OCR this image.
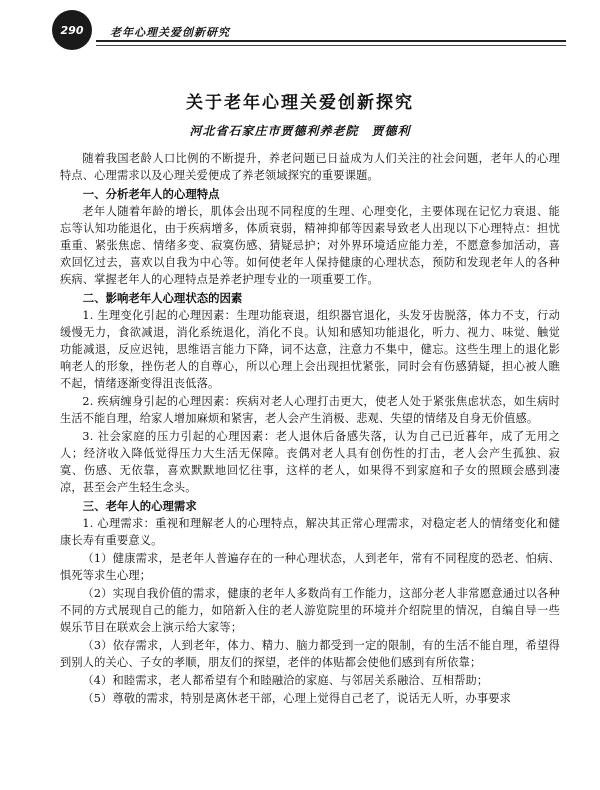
290	老年心理关爱创新研究
关于老年心理关爱创新探究
河北省石家庄市贾德利养老院　贾德利

随着我国老龄人口比例的不断提升，养老问题已日益成为人们关注的社会问题，老年人的心理特点、心理需求以及心理关爱便成了养老领域探究的重要课题。

一、分析老年人的心理特点

老年人随着年龄的增长，肌体会出现不同程度的生理、心理变化，主要体现在记忆力衰退、能忘等认知功能退化，由于疾病增多，体质衰弱，精神抑郁等因素导致老人出现以下心理特点：担忧重重、紧张焦虑、情绪多变、寂寞伤感、猜疑忌护；对外界环境适应能力差，不愿意参加活动，喜欢回忆过去，喜欢以自我为中心等。如何使老年人保持健康的心理状态，预防和发现老年人的各种疾病、掌握老年人的心理特点是养老护理专业的一项重要工作。

二、影响老年人心理状态的因素

1. 生理变化引起的心理因素：生理功能衰退，组织器官退化，头发牙齿脱落，体力不支，行动缓慢无力，食欲减退，消化系统退化，消化不良。认知和感知功能退化，听力、视力、味觉、触觉功能减退，反应迟钝，思维语言能力下降，词不达意，注意力不集中，健忘。这些生理上的退化影响老人的形象，挫伤老人的自尊心，所以心理上会出现担忧紧张，同时会有伤感猜疑，担心被人瞧不起，情绪逐渐变得沮丧低落。

2. 疾病缠身引起的心理因素：疾病对老人心理打击更大，使老人处于紧张焦虑状态，如生病时生活不能自理，给家人增加麻烦和紧害，老人会产生消极、悲观、失望的情绪及自身无价值感。

3. 社会家庭的压力引起的心理因素：老人退休后备感失落，认为自己已近暮年，成了无用之人；经济收入降低觉得压力大生活无保障。丧偶对老人具有创伤性的打击，老人会产生孤独、寂寞、伤感、无依靠，喜欢默默地回忆往事，这样的老人，如果得不到家庭和子女的照顾会感到凄凉，甚至会产生轻生念头。

三、老年人的心理需求

1. 心理需求：重视和理解老人的心理特点，解决其正常心理需求，对稳定老人的情绪变化和健康长寿有重要意义。

（1）健康需求，是老年人普遍存在的一种心理状态，人到老年，常有不同程度的恐老、怕病、惧死等求生心理；

（2）实现自我价值的需求，健康的老年人多数尚有工作能力，这部分老人非常愿意通过以各种不同的方式展现自己的能力，如陪新入住的老人游览院里的环境并介绍院里的情况，自编自导一些娱乐节目在联欢会上演示给大家等；

（3）依存需求，人到老年，体力、精力、脑力都受到一定的限制，有的生活不能自理，希望得到别人的关心、子女的孝顺，朋友们的探望，老伴的体贴都会使他们感到有所依靠；

（4）和睦需求，老人都希望有个和睦融洽的家庭、与邻居关系融洽、互相帮助；

（5）尊敬的需求，特别是离休老干部，心理上觉得自己老了，说话无人听，办事要求
